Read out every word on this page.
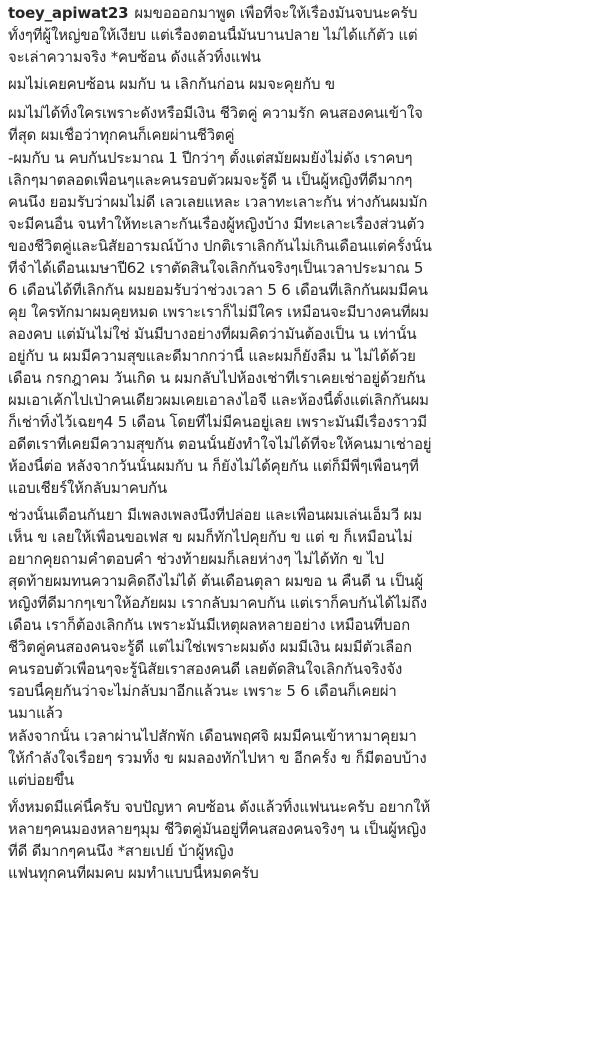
toey_apiwat23 ผมขอออกมาพูด เพื่อที่จะให้เรื่องมันจบนะครับ
ทั้งๆที่ผู้ใหญ่ขอให้เงียบ แต่เรื่องตอนนี้มันบานปลาย ไม่ได้แก้ตัว แต่
จะเล่าความจริง *คบซ้อน ดังแล้วทิ้งแฟน
ผมไม่เคยคบซ้อน ผมกับ น เลิกกันก่อน ผมจะคุยกับ ข
ผมไม่ได้ทิ้งใครเพราะดังหรือมีเงิน ชีวิตคู่ ความรัก คนสองคนเข้าใจ
ที่สุด ผมเชื่อว่าทุกคนก็เคยผ่านชีวิตคู่
-ผมกับ น คบกันประมาณ 1 ปีกว่าๆ ตั้งแต่สมัยผมยังไม่ดัง เราคบๆ
เลิกๆมาตลอดเพื่อนๆและคนรอบตัวผมจะรู้ดี น เป็นผู้หญิงที่ดีมากๆ
คนนึง ยอมรับว่าผมไม่ดี เลวเลยแหละ เวลาทะเลาะกัน ห่างกันผมมัก
จะมีคนอื่น จนทำให้ทะเลาะกันเรื่องผู้หญิงบ้าง มีทะเลาะเรื่องส่วนตัว
ของชีวิตคู่และนิสัยอารมณ์บ้าง ปกติเราเลิกกันไม่เกินเดือนแต่ครั้งนั้น
ที่จำได้เดือนเมษาปี62 เราตัดสินใจเลิกกันจริงๆเป็นเวลาประมาณ 5
6 เดือนได้ที่เลิกกัน ผมยอมรับว่าช่วงเวลา 5 6 เดือนที่เลิกกันผมมีคน
คุย ใครทักมาผมคุยหมด เพราะเราก็ไม่มีใคร เหมือนจะมีบางคนที่ผม
ลองคบ แต่มันไม่ใช่ มันมีบางอย่างที่ผมคิดว่ามันต้องเป็น น เท่านั้น
อยู่กับ น ผมมีความสุขและดีมากกว่านี้ และผมก็ยังลืม น ไม่ได้ด้วย
เดือน กรกฎาคม วันเกิด น ผมกลับไปห้องเช่าที่เราเคยเช่าอยู่ด้วยกัน
ผมเอาเค้กไปเป่าคนเดียวผมเคยเอาลงไอจี และห้องนี้ตั้งแต่เลิกกันผม
ก็เช่าทิ้งไว้เฉยๆ4 5 เดือน โดยที่ไม่มีคนอยู่เลย เพราะมันมีเรื่องราวมี
อดีตเราที่เคยมีความสุขกัน ตอนนั้นยังทำใจไม่ได้ที่จะให้คนมาเช่าอยู่
ห้องนี้ต่อ หลังจากวันนั้นผมกับ น ก็ยังไม่ได้คุยกัน แต่ก็มีพี่ๆเพื่อนๆที่
แอบเชียร์ให้กลับมาคบกัน
ช่วงนั้นเดือนกันยา มีเพลงเพลงนึงที่ปล่อย และเพื่อนผมเล่นเอ็มวี ผม
เห็น ข เลยให้เพื่อนขอเฟส ข ผมก็ทักไปคุยกับ ข แต่ ข ก็เหมือนไม่
อยากคุยถามคำตอบคำ ช่วงท้ายผมก็เลยห่างๆ ไม่ได้ทัก ข ไป
สุดท้ายผมทนความคิดถึงไม่ได้ ต้นเดือนตุลา ผมขอ น คืนดี น เป็นผู้
หญิงที่ดีมากๆเขาให้อภัยผม เรากลับมาคบกัน แต่เราก็คบกันได้ไม่ถึง
เดือน เราก็ต้องเลิกกัน เพราะมันมีเหตุผลหลายอย่าง เหมือนที่บอก
ชีวิตคู่คนสองคนจะรู้ดี แต่ไม่ใช่เพราะผมดัง ผมมีเงิน ผมมีตัวเลือก
คนรอบตัวเพื่อนๆจะรู้นิสัยเราสองคนดี เลยตัดสินใจเลิกกันจริงจัง
รอบนี้คุยกันว่าจะไม่กลับมาอีกแล้วนะ เพราะ 5 6 เดือนก็เคยผ่า
นมาแล้ว
หลังจากนั้น เวลาผ่านไปสักพัก เดือนพฤศจิ ผมมีคนเข้าหามาคุยมา
ให้กำลังใจเรื่อยๆ รวมทั้ง ข ผมลองทักไปหา ข อีกครั้ง ข ก็มีตอบบ้าง
แต่บ่อยขึ้น
ทั้งหมดมีแค่นี้ครับ จบปัญหา คบซ้อน ดังแล้วทิ้งแฟนนะครับ อยากให้
หลายๆคนมองหลายๆมุม ชีวิตคู่มันอยู่ที่คนสองคนจริงๆ น เป็นผู้หญิง
ที่ดี ดีมากๆคนนึง *สายเปย์ บ้าผู้หญิง
แฟนทุกคนที่ผมคบ ผมทำแบบนี้หมดครับ
